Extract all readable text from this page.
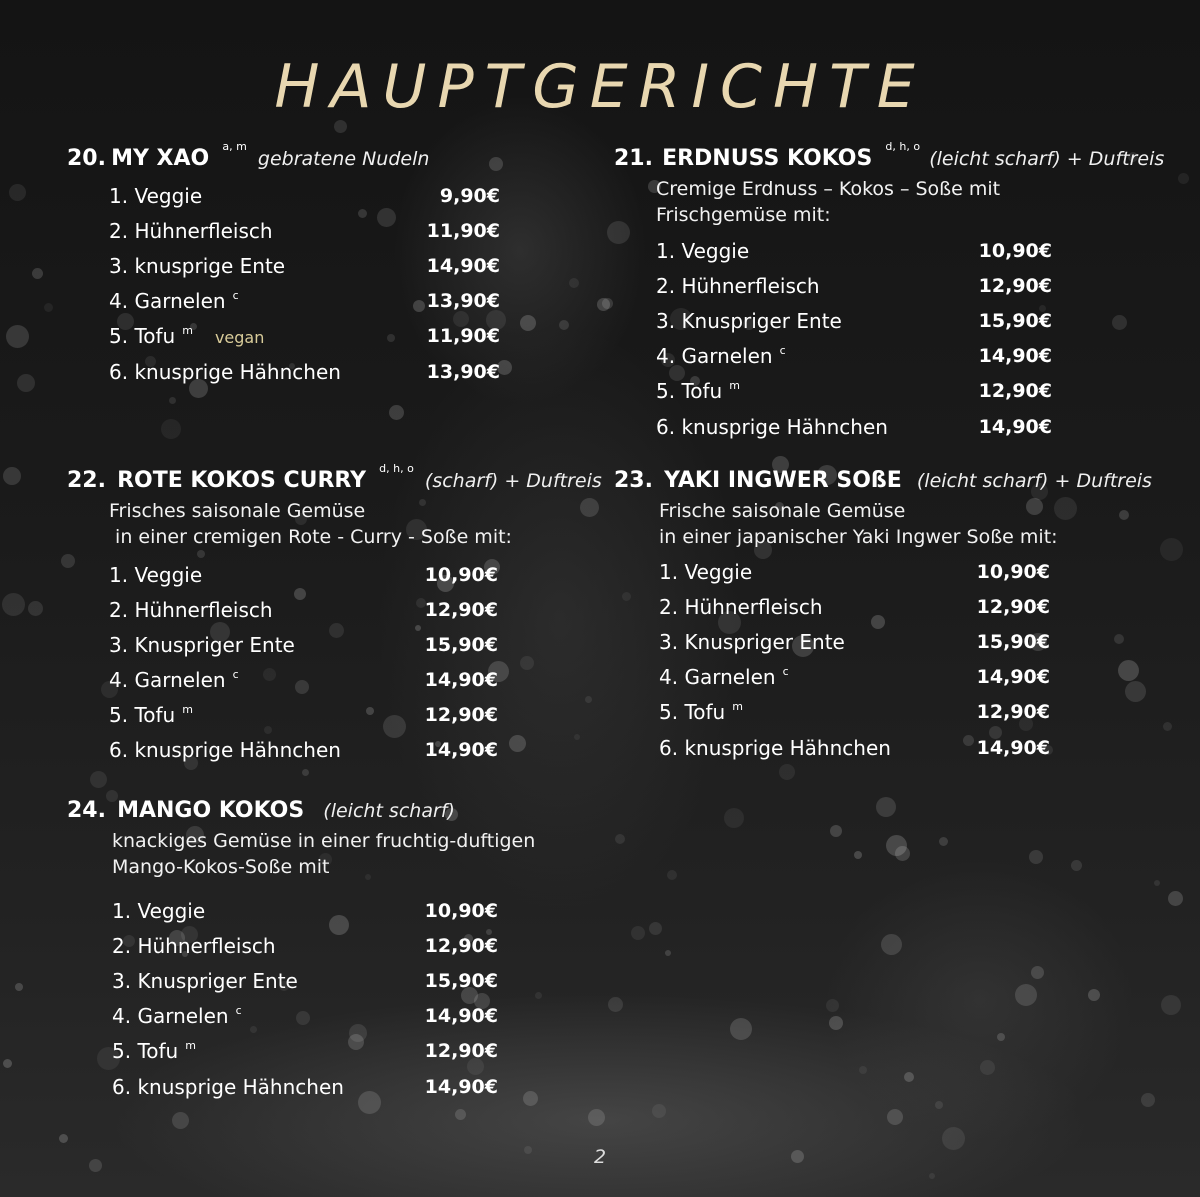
HAUPTGERICHTE
20. MY XAO $^{a, m}$ gebratene Nudeln	21. ERDNUSS KOKOS $^{d, h, o}$ (leicht scharf) + Duftreis
Cremige Erdnuss – Kokos – Soße mit
Frischgemüse mit:
22. ROTE KOKOS CURRY $^{d, h, o}$ (scharf) + Duftreis
Frisches saisonale Gemüse
in einer cremigen Rote - Curry - Soße mit:
23. YAKI INGWER SOßE (leicht scharf) + Duftreis
Frische saisonale Gemüse
in einer japanischer Yaki Ingwer Soße mit:
24. MANGO KOKOS (leicht scharf)
knackiges Gemüse in einer fruchtig-duftigen
Mango-Kokos-Soße mit
1. Veggie	9,90€
2. Hühnerfleisch	11,90€
3. knusprige Ente	14,90€
4. Garnelen $^c$	13,90€
5. Tofu $^m$ vegan	11,90€
6. knusprige Hähnchen	13,90€
1. Veggie	10,90€
2. Hühnerfleisch	12,90€
3. Knuspriger Ente	15,90€
4. Garnelen $^c$	14,90€
5. Tofu $^m$	12,90€
6. knusprige Hähnchen	14,90€
1. Veggie	10,90€
2. Hühnerfleisch	12,90€
3. Knuspriger Ente	15,90€
4. Garnelen $^c$	14,90€
5. Tofu $^m$	12,90€
6. knusprige Hähnchen	14,90€
1. Veggie	10,90€
2. Hühnerfleisch	12,90€
3. Knuspriger Ente	15,90€
4. Garnelen $^c$	14,90€
5. Tofu $^m$	12,90€
6. knusprige Hähnchen	14,90€
1. Veggie	10,90€
2. Hühnerfleisch	12,90€
3. Knuspriger Ente	15,90€
4. Garnelen $^c$	14,90€
5. Tofu $^m$	12,90€
6. knusprige Hähnchen	14,90€
2
